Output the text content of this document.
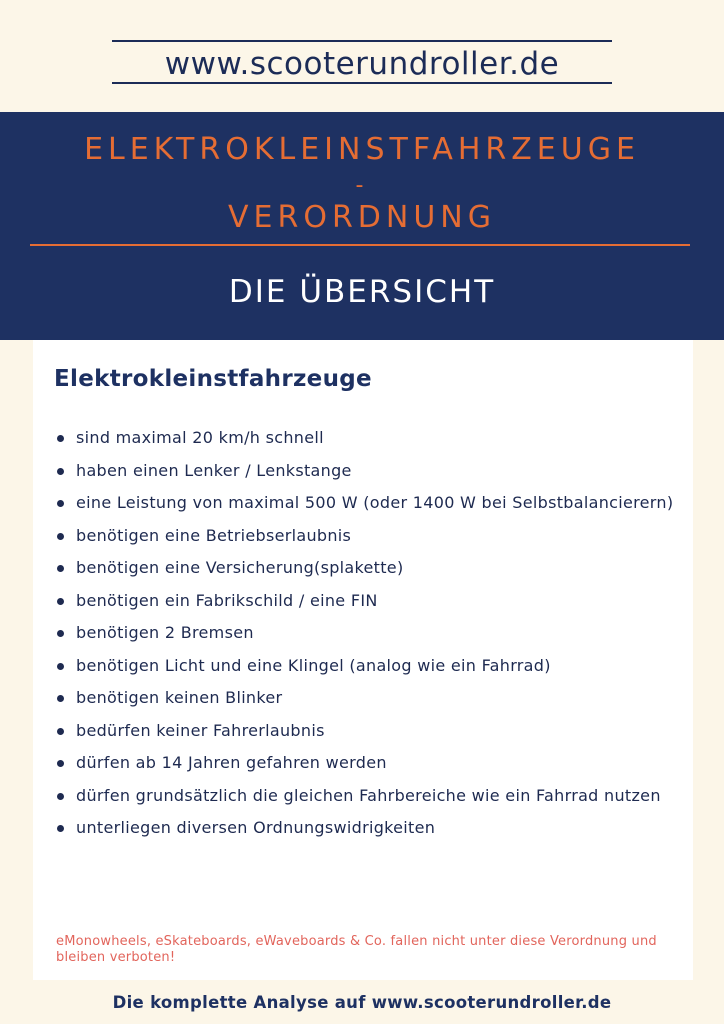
www.scooterundroller.de
ELEKTROKLEINSTFAHRZEUGE
-
VERORDNUNG
DIE ÜBERSICHT
Elektrokleinstfahrzeuge
sind maximal 20 km/h schnell
haben einen Lenker / Lenkstange
eine Leistung von maximal 500 W (oder 1400 W bei Selbstbalancierern)
benötigen eine Betriebserlaubnis
benötigen eine Versicherung(splakette)
benötigen ein Fabrikschild / eine FIN
benötigen 2 Bremsen
benötigen Licht und eine Klingel (analog wie ein Fahrrad)
benötigen keinen Blinker
bedürfen keiner Fahrerlaubnis
dürfen ab 14 Jahren gefahren werden
dürfen grundsätzlich die gleichen Fahrbereiche wie ein Fahrrad nutzen
unterliegen diversen Ordnungswidrigkeiten
eMonowheels, eSkateboards, eWaveboards & Co. fallen nicht unter diese Verordnung und bleiben verboten!
Die komplette Analyse auf www.scooterundroller.de
